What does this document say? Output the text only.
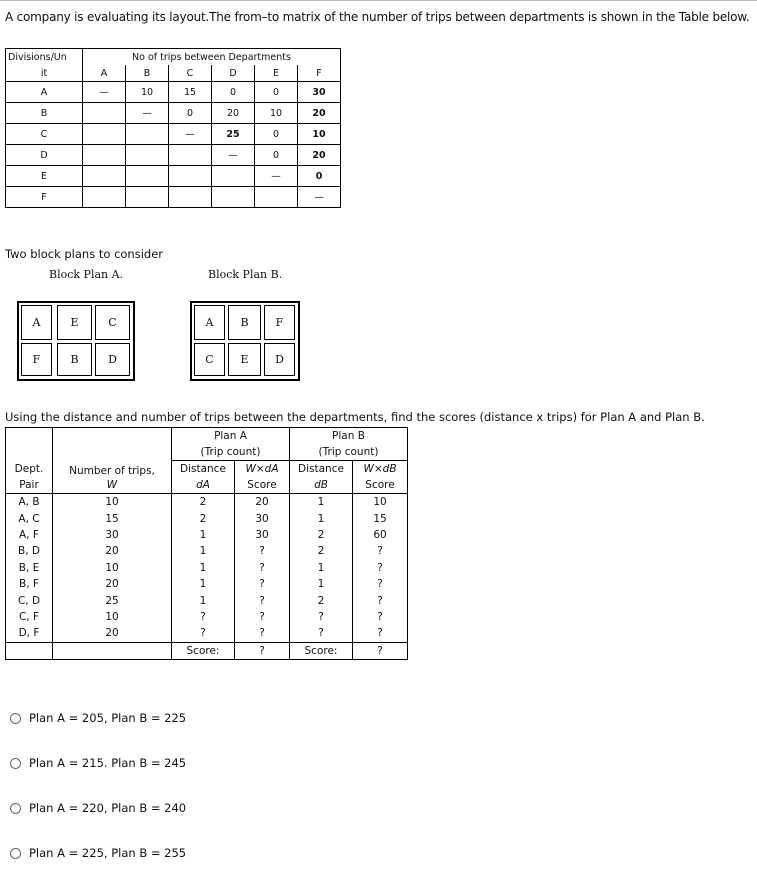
A company is evaluating its layout.The from–to matrix of the number of trips between departments is shown in the Table below.
Divisions/Un	No of trips between Departments					
it	A	B	C	D	E	F
A	—	10	15	0	0	30
B		—	0	20	10	20
C			—	25	0	10
D				—	0	20
E					—	0
F						—
Two block plans to consider
Block Plan A.	Block Plan B.
A	E	C
F	B	D
A	B	F
C	E	D
Using the distance and number of trips between the departments, find the scores (distance x trips) for Plan A and Plan B.
		Plan A		Plan B	
		(Trip count)		(Trip count)	
Dept.	Number of trips,	Distance	W×dA	Distance	W×dB
Pair	W	dA	Score	dB	Score
A, B	10	2	20	1	10
A, C	15	2	30	1	15
A, F	30	1	30	2	60
B, D	20	1	?	2	?
B, E	10	1	?	1	?
B, F	20	1	?	1	?
C, D	25	1	?	2	?
C, F	10	?	?	?	?
D, F	20	?	?	?	?
		Score:	?	Score:	?
Plan A = 205, Plan B = 225
Plan A = 215. Plan B = 245
Plan A = 220, Plan B = 240
Plan A = 225, Plan B = 255
